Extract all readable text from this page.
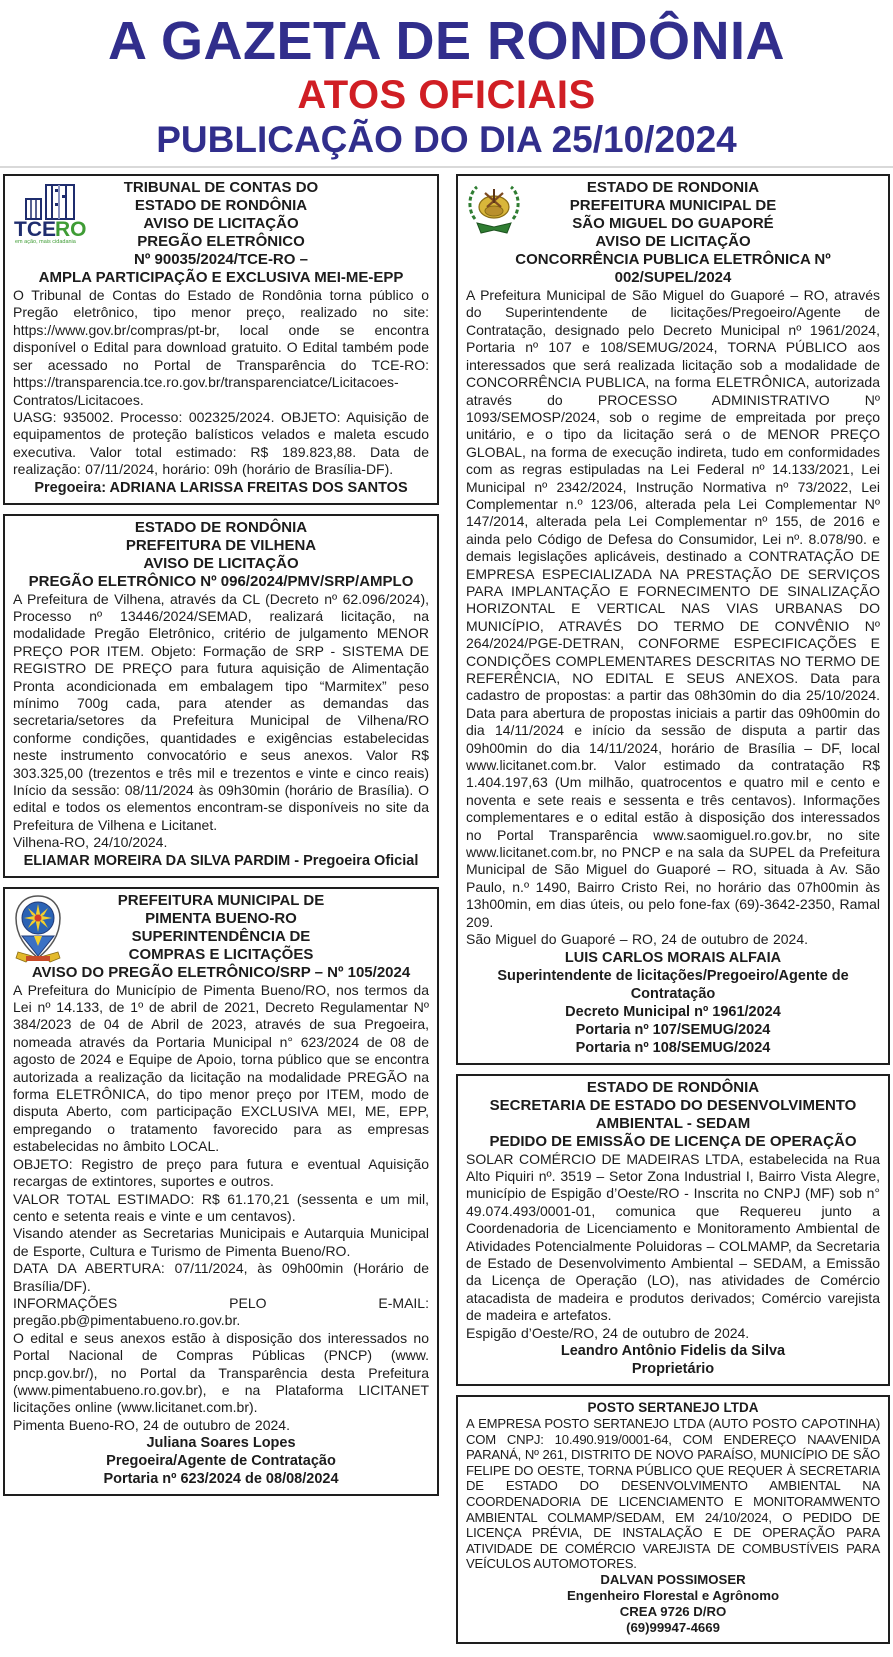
A GAZETA DE RONDÔNIA
ATOS OFICIAIS
PUBLICAÇÃO DO DIA 25/10/2024
TCE RO
em ação, mais cidadania
TRIBUNAL DE CONTAS DO
ESTADO DE RONDÔNIA
AVISO DE LICITAÇÃO
PREGÃO ELETRÔNICO
Nº 90035/2024/TCE-RO –
AMPLA PARTICIPAÇÃO E EXCLUSIVA MEI-ME-EPP

O Tribunal de Contas do Estado de Rondônia torna público o Pregão eletrônico, tipo menor preço, realizado no site: https://www.gov.br/compras/pt-br, local onde se encontra disponível o Edital para download gratuito. O Edital também pode ser acessado no Portal de Transparência do TCE-RO: https://transparencia.tce.ro.gov.br/transparenciatce/Licitacoes-Contratos/Licitacoes.

UASG: 935002. Processo: 002325/2024. OBJETO: Aquisição de equipamentos de proteção balísticos velados e maleta escudo executiva. Valor total estimado: R$ 189.823,88. Data de realização: 07/11/2024, horário: 09h (horário de Brasília-DF).

Pregoeira: ADRIANA LARISSA FREITAS DOS SANTOS
ESTADO DE RONDÔNIA
PREFEITURA DE VILHENA
AVISO DE LICITAÇÃO
PREGÃO ELETRÔNICO Nº 096/2024/PMV/SRP/AMPLO

A Prefeitura de Vilhena, através da CL (Decreto nº 62.096/2024), Processo nº 13446/2024/SEMAD, realizará licitação, na modalidade Pregão Eletrônico, critério de julgamento MENOR PREÇO POR ITEM. Objeto: Formação de SRP - SISTEMA DE REGISTRO DE PREÇO para futura aquisição de Alimentação Pronta acondicionada em embalagem tipo “Marmitex” peso mínimo 700g cada, para atender as demandas das secretaria/setores da Prefeitura Municipal de Vilhena/RO conforme condições, quantidades e exigências estabelecidas neste instrumento convocatório e seus anexos. Valor R$ 303.325,00 (trezentos e três mil e trezentos e vinte e cinco reais) Início da sessão: 08/11/2024 às 09h30min (horário de Brasília). O edital e todos os elementos encontram-se disponíveis no site da Prefeitura de Vilhena e Licitanet.

Vilhena-RO, 24/10/2024.

ELIAMAR MOREIRA DA SILVA PARDIM - Pregoeira Oficial
PREFEITURA MUNICIPAL DE
PIMENTA BUENO-RO
SUPERINTENDÊNCIA DE
COMPRAS E LICITAÇÕES
AVISO DO PREGÃO ELETRÔNICO/SRP – Nº 105/2024

A Prefeitura do Município de Pimenta Bueno/RO, nos termos da Lei nº 14.133, de 1º de abril de 2021, Decreto Regulamentar Nº 384/2023 de 04 de Abril de 2023, através de sua Pregoeira, nomeada através da Portaria Municipal n° 623/2024 de 08 de agosto de 2024 e Equipe de Apoio, torna público que se encontra autorizada a realização da licitação na modalidade PREGÃO na forma ELETRÔNICA, do tipo menor preço por ITEM, modo de disputa Aberto, com participação EXCLUSIVA MEI, ME, EPP, empregando o tratamento favorecido para as empresas estabelecidas no âmbito LOCAL.

OBJETO: Registro de preço para futura e eventual Aquisição recargas de extintores, suportes e outros.

VALOR TOTAL ESTIMADO: R$ 61.170,21 (sessenta e um mil, cento e setenta reais e vinte e um centavos).

Visando atender as Secretarias Municipais e Autarquia Municipal de Esporte, Cultura e Turismo de Pimenta Bueno/RO.

DATA DA ABERTURA: 07/11/2024, às 09h00min (Horário de Brasília/DF).

INFORMAÇÕES PELO E-MAIL: pregão.pb@pimentabueno.ro.gov.br.

O edital e seus anexos estão à disposição dos interessados no Portal Nacional de Compras Públicas (PNCP) (www. pncp.gov.br/), no Portal da Transparência desta Prefeitura (www.pimentabueno.ro.gov.br), e na Plataforma LICITANET licitações online (www.licitanet.com.br).

Pimenta Bueno-RO, 24 de outubro de 2024.

Juliana Soares Lopes
Pregoeira/Agente de Contratação
Portaria nº 623/2024 de 08/08/2024
ESTADO DE RONDONIA
PREFEITURA MUNICIPAL DE
SÃO MIGUEL DO GUAPORÉ
AVISO DE LICITAÇÃO
CONCORRÊNCIA PUBLICA ELETRÔNICA Nº 002/SUPEL/2024

A Prefeitura Municipal de São Miguel do Guaporé – RO, através do Superintendente de licitações/Pregoeiro/Agente de Contratação, designado pelo Decreto Municipal nº 1961/2024, Portaria nº 107 e 108/SEMUG/2024, TORNA PÚBLICO aos interessados que será realizada licitação sob a modalidade de CONCORRÊNCIA PUBLICA, na forma ELETRÔNICA, autorizada através do PROCESSO ADMINISTRATIVO Nº 1093/SEMOSP/2024, sob o regime de empreitada por preço unitário, e o tipo da licitação será o de MENOR PREÇO GLOBAL, na forma de execução indireta, tudo em conformidades com as regras estipuladas na Lei Federal nº 14.133/2021, Lei Municipal nº 2342/2024, Instrução Normativa nº 73/2022, Lei Complementar n.º 123/06, alterada pela Lei Complementar Nº 147/2014, alterada pela Lei Complementar nº 155, de 2016 e ainda pelo Código de Defesa do Consumidor, Lei nº. 8.078/90. e demais legislações aplicáveis, destinado a CONTRATAÇÃO DE EMPRESA ESPECIALIZADA NA PRESTAÇÃO DE SERVIÇOS PARA IMPLANTAÇÃO E FORNECIMENTO DE SINALIZAÇÃO HORIZONTAL E VERTICAL NAS VIAS URBANAS DO MUNICÍPIO, ATRAVÉS DO TERMO DE CONVÊNIO Nº 264/2024/PGE-DETRAN, CONFORME ESPECIFICAÇÕES E CONDIÇÕES COMPLEMENTARES DESCRITAS NO TERMO DE REFERÊNCIA, NO EDITAL E SEUS ANEXOS. Data para cadastro de propostas: a partir das 08h30min do dia 25/10/2024. Data para abertura de propostas iniciais a partir das 09h00min do dia 14/11/2024 e início da sessão de disputa a partir das 09h00min do dia 14/11/2024, horário de Brasília – DF, local www.licitanet.com.br. Valor estimado da contratação R$ 1.404.197,63 (Um milhão, quatrocentos e quatro mil e cento e noventa e sete reais e sessenta e três centavos). Informações complementares e o edital estão à disposição dos interessados no Portal Transparência www.saomiguel.ro.gov.br, no site www.licitanet.com.br, no PNCP e na sala da SUPEL da Prefeitura Municipal de São Miguel do Guaporé – RO, situada à Av. São Paulo, n.º 1490, Bairro Cristo Rei, no horário das 07h00min às 13h00min, em dias úteis, ou pelo fone-fax (69)-3642-2350, Ramal 209.

São Miguel do Guaporé – RO, 24 de outubro de 2024.

LUIS CARLOS MORAIS ALFAIA
Superintendente de licitações/Pregoeiro/Agente de Contratação
Decreto Municipal nº 1961/2024
Portaria nº 107/SEMUG/2024
Portaria nº 108/SEMUG/2024
ESTADO DE RONDÔNIA
SECRETARIA DE ESTADO DO DESENVOLVIMENTO AMBIENTAL - SEDAM
PEDIDO DE EMISSÃO DE LICENÇA DE OPERAÇÃO

SOLAR COMÉRCIO DE MADEIRAS LTDA, estabelecida na Rua Alto Piquiri nº. 3519 – Setor Zona Industrial I, Bairro Vista Alegre, município de Espigão d’Oeste/RO - Inscrita no CNPJ (MF) sob n° 49.074.493/0001-01, comunica que Requereu junto a Coordenadoria de Licenciamento e Monitoramento Ambiental de Atividades Potencialmente Poluidoras – COLMAMP, da Secretaria de Estado de Desenvolvimento Ambiental – SEDAM, a Emissão da Licença de Operação (LO), nas atividades de Comércio atacadista de madeira e produtos derivados; Comércio varejista de madeira e artefatos.

Espigão d’Oeste/RO, 24 de outubro de 2024.

Leandro Antônio Fidelis da Silva
Proprietário
POSTO SERTANEJO LTDA

A EMPRESA POSTO SERTANEJO LTDA (AUTO POSTO CAPOTINHA) COM CNPJ: 10.490.919/0001-64, COM ENDEREÇO NAAVENIDA PARANÁ, Nº 261, DISTRITO DE NOVO PARAÍSO, MUNICÍPIO DE SÃO FELIPE DO OESTE, TORNA PÚBLICO QUE REQUER À SECRETARIA DE ESTADO DO DESENVOLVIMENTO AMBIENTAL NA COORDENADORIA DE LICENCIAMENTO E MONITORAMWENTO AMBIENTAL COLMAMP/SEDAM, EM 24/10/2024, O PEDIDO DE LICENÇA PRÉVIA, DE INSTALAÇÃO E DE OPERAÇÃO PARA ATIVIDADE DE COMÉRCIO VAREJISTA DE COMBUSTÍVEIS PARA VEÍCULOS AUTOMOTORES.

DALVAN POSSIMOSER
Engenheiro Florestal e Agrônomo
CREA 9726 D/RO
(69)99947-4669
